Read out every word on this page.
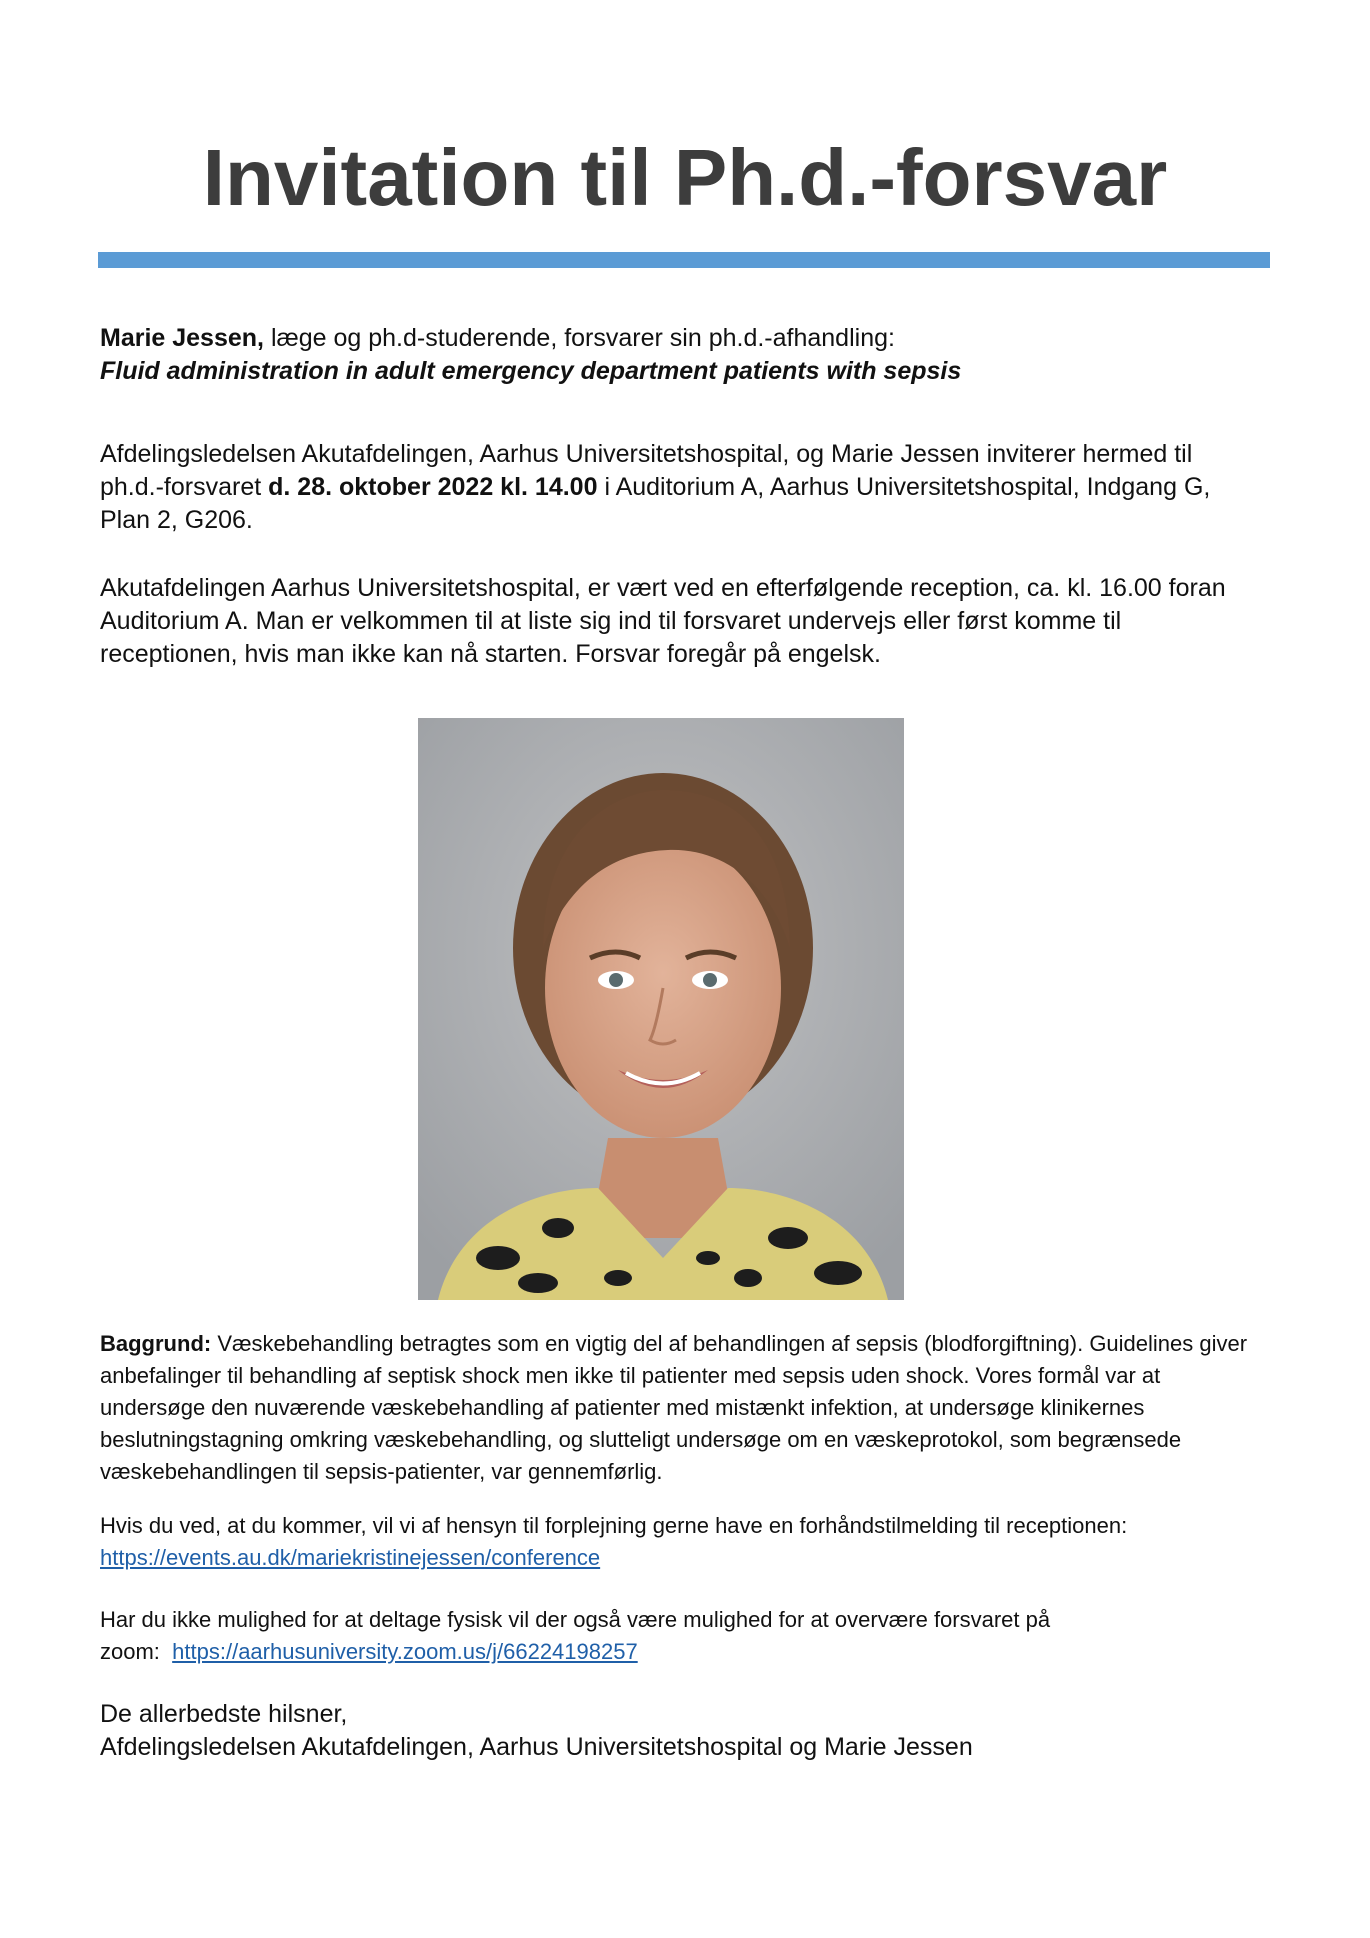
Invitation til Ph.d.-forsvar
Marie Jessen, læge og ph.d-studerende, forsvarer sin ph.d.-afhandling:
Fluid administration in adult emergency department patients with sepsis
Afdelingsledelsen Akutafdelingen, Aarhus Universitetshospital, og Marie Jessen inviterer hermed til ph.d.-forsvaret d. 28. oktober 2022 kl. 14.00 i Auditorium A, Aarhus Universitetshospital, Indgang G, Plan 2, G206.
Akutafdelingen Aarhus Universitetshospital, er vært ved en efterfølgende reception, ca. kl. 16.00 foran Auditorium A. Man er velkommen til at liste sig ind til forsvaret undervejs eller først komme til receptionen, hvis man ikke kan nå starten. Forsvar foregår på engelsk.
Baggrund: Væskebehandling betragtes som en vigtig del af behandlingen af sepsis (blodforgiftning). Guidelines giver anbefalinger til behandling af septisk shock men ikke til patienter med sepsis uden shock. Vores formål var at undersøge den nuværende væskebehandling af patienter med mistænkt infektion, at undersøge klinikernes beslutningstagning omkring væskebehandling, og slutteligt undersøge om en væskeprotokol, som begrænsede væskebehandlingen til sepsis-patienter, var gennemførlig.
Hvis du ved, at du kommer, vil vi af hensyn til forplejning gerne have en forhåndstilmelding til receptionen:
https://events.au.dk/mariekristinejessen/conference
Har du ikke mulighed for at deltage fysisk vil der også være mulighed for at overvære forsvaret på
zoom: https://aarhusuniversity.zoom.us/j/66224198257
De allerbedste hilsner,
Afdelingsledelsen Akutafdelingen, Aarhus Universitetshospital og Marie Jessen
